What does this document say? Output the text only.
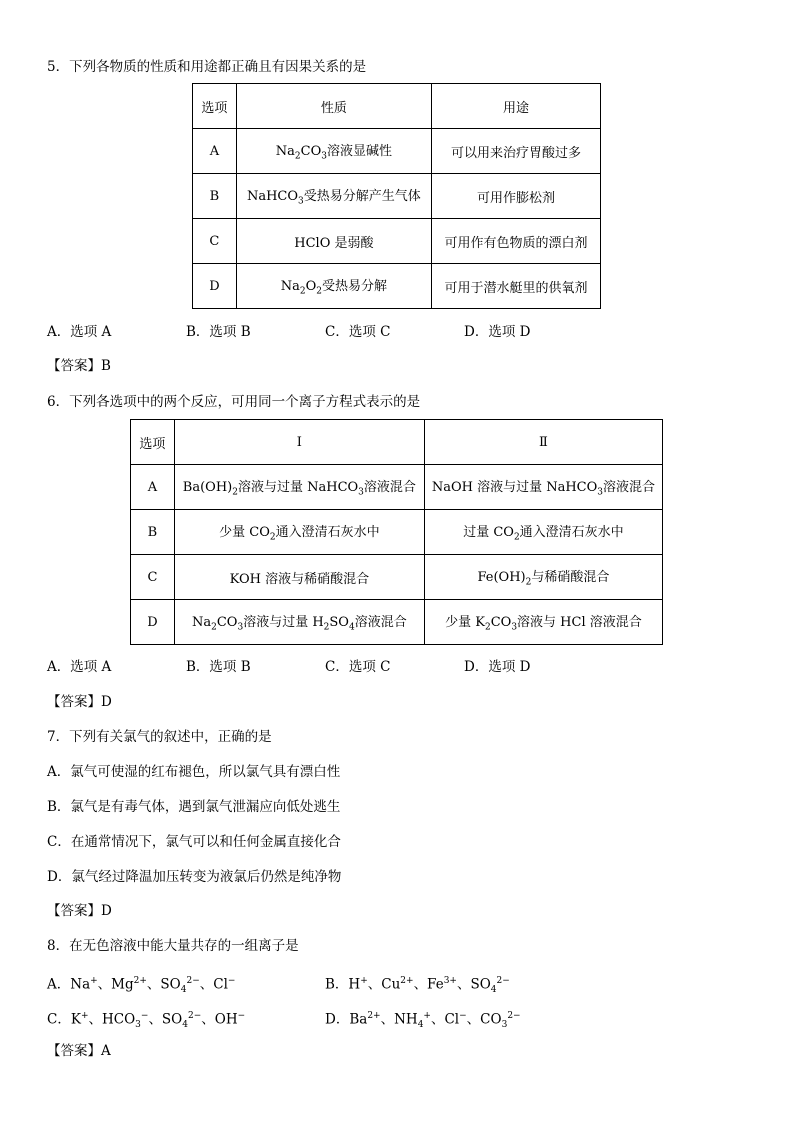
5．下列各物质的性质和用途都正确且有因果关系的是
选项	性质	用途
A	$Na_2CO_3$溶液显碱性	可以用来治疗胃酸过多
B	NaHCO$_3$受热易分解产生气体	可用作膨松剂
C	HClO 是弱酸	可用作有色物质的漂白剂
D	$Na_2O_2$受热易分解	可用于潜水艇里的供氧剂
A．选项 A	B．选项 B	C．选项 C	D．选项 D
【答案】B
6．下列各选项中的两个反应，可用同一个离子方程式表示的是
选项	Ⅰ	Ⅱ
A	$Ba(OH)_2$溶液与过量 NaHCO$_3$溶液混合	NaOH 溶液与过量 NaHCO$_3$溶液混合
B	少量 $CO_2$通入澄清石灰水中	过量 $CO_2$通入澄清石灰水中
C	KOH 溶液与稀硝酸混合	$Fe(OH)_2$与稀硝酸混合
D	$Na_2CO_3$溶液与过量 $H_2SO_4$溶液混合	少量 $K_2CO_3$溶液与 HCl 溶液混合
A．选项 A	B．选项 B	C．选项 C	D．选项 D
【答案】D
7．下列有关氯气的叙述中，正确的是
A．氯气可使湿的红布褪色，所以氯气具有漂白性
B．氯气是有毒气体，遇到氯气泄漏应向低处逃生
C．在通常情况下，氯气可以和任何金属直接化合
D．氯气经过降温加压转变为液氯后仍然是纯净物
【答案】D
8．在无色溶液中能大量共存的一组离子是
A．Na+、$Mg^{2+}$、$SO_4^{2-}$、Cl−	B．H+、$Cu^{2+}$、$Fe^{3+}$、$SO_4^{2-}$
C．K+、$HCO_3^-$、$SO_4^{2-}$、OH−	D．$Ba^{2+}$、$NH_4^+$、Cl−、$CO_3^{2-}$
【答案】A
